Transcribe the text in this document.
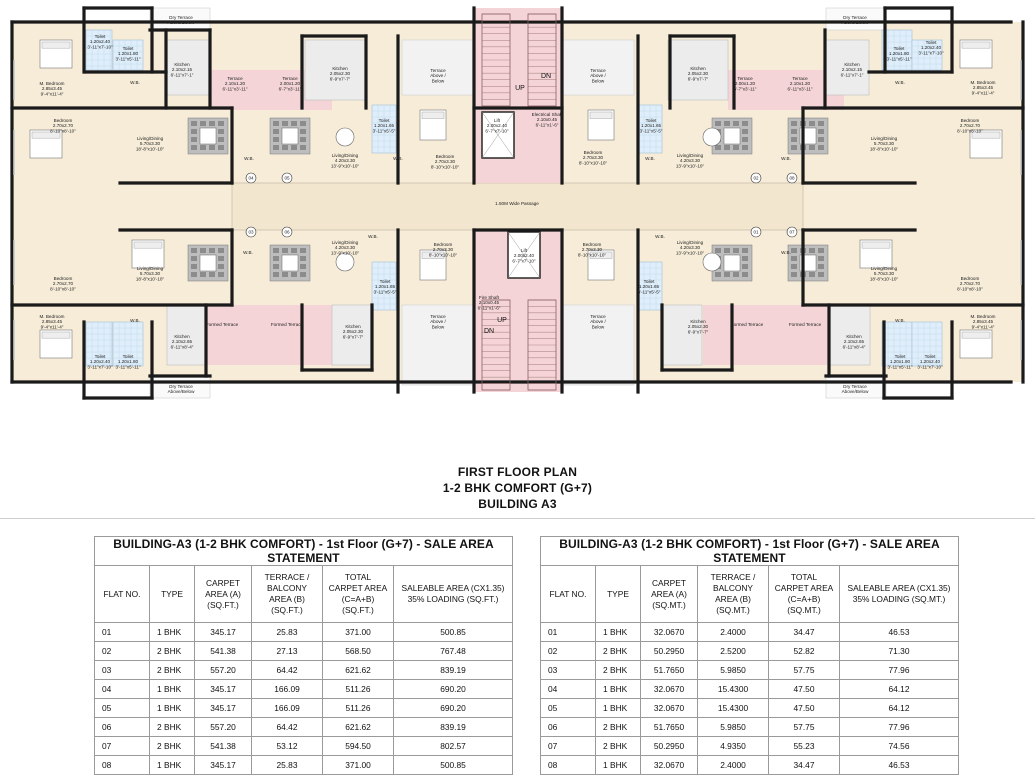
04	05	02	08
03	06	01	07
1.50M Wide Passage
UP
DN
UP
DN
Toilet
1.20x2.40
3'-11"x7'-10" Toilet
1.20x1.80
3'-11"x5'-11"
Dry Terrace
Above/Below
Kitchen
2.10x2.15
6'-11"x7'-1"
Terrace
2.10x1.20
6'-11"x3'-11"
M. Bedroom
2.85x3.45
9'-4"x11'-4"
Bedroom
2.70x2.70
8'-10"x8'-10"
Living/Dining
5.70x3.30
18'-8"x10'-10"
Terrace
2.00x1.20
6'-7"x3'-11"
Kitchen
2.05x2.30
6'-9"x7'-7"
Living/Dining
4.20x3.30
13'-9"x10'-10"
Toilet
1.20x1.65
3'-11"x5'-5"
Bedroom
2.70x3.30
8'-10"x10'-10"
Terrace
Above /
Below
Lift
2.00x2.40
6'-7"x7'-10"
Electrical Shaft
2.10x0.45
6'-11"x1'-6"
Terrace
Above /
Below
Bedroom
2.70x3.30
8'-10"x10'-10"
Toilet
1.20x1.65
3'-11"x5'-5"
Kitchen
2.05x2.30
6'-9"x7'-7"	Terrace
2.00x1.20
6'-7"x3'-11"
Living/Dining
4.20x3.30
13'-9"x10'-10"
Terrace
2.10x1.20
6'-11"x3'-11"
Kitchen
2.10x2.15
6'-11"x7'-1"
Dry Terrace
Above/Below
Toilet
1.20x1.80
3'-11"x5'-11"
Toilet
1.20x2.40
3'-11"x7'-10"
M. Bedroom
2.85x3.45
9'-4"x11'-4"
Living/Dining
5.70x3.30
18'-8"x10'-10"
Bedroom
2.70x2.70
8'-10"x8'-10"
Bedroom
2.70x2.70
8'-10"x8'-10"
Living/Dining
5.70x3.30
18'-8"x10'-10"
M. Bedroom
2.85x3.45
9'-4"x11'-4"
Toilet
1.20x2.40
3'-11"x7'-10"
Toilet
1.20x1.80
3'-11"x5'-11"
Kitchen
2.10x2.65
6'-11"x8'-4"
Dry Terrace
Above/Below
Formed Terrace
Living/Dining
4.20x3.30
13'-9"x10'-10"
Formed Terrace	Kitchen
2.05x2.30
6'-9"x7'-7"
Toilet
1.20x1.65
3'-11"x5'-5"
Bedroom
2.70x3.30
8'-10"x10'-10"
Terrace
Above /
Below
Fire Shaft
2.10x0.45
6'-11"x1'-6"
Lift
2.00x2.40
6'-7"x7'-10"
Terrace
Above /
Below
Bedroom
2.70x3.30
8'-10"x10'-10"
Toilet
1.20x1.65
3'-11"x5'-5"
Kitchen
2.05x2.30
6'-9"x7'-7"
Living/Dining
4.20x3.30
13'-9"x10'-10"
Formed Terrace	Formed Terrace
Living/Dining
5.70x3.30
18'-8"x10'-10"
Kitchen
2.10x2.65
6'-11"x8'-4"
Bedroom
2.70x2.70
8'-10"x8'-10"
M. Bedroom
2.85x3.45
9'-4"x11'-4"
Toilet
1.20x1.80
3'-11"x5'-11"
Toilet
1.20x2.40
3'-11"x7'-10"
Dry Terrace
Above/Below
W.B.
W.B.
W.B.
W.B.	W.B.
W.B.
W.B.
W.B.
W.B.
W.B.	W.B.
W.B.
FIRST FLOOR PLAN
1-2 BHK COMFORT (G+7)
BUILDING A3
BUILDING-A3 (1-2 BHK COMFORT) - 1st Floor (G+7) - SALE AREA STATEMENT					
FLAT NO.	TYPE	CARPET AREA (A) (SQ.FT.)	TERRACE / BALCONY AREA (B) (SQ.FT.)	TOTAL CARPET AREA (C=A+B) (SQ.FT.)	SALEABLE AREA (CX1.35) 35% LOADING (SQ.FT.)
01	1 BHK	345.17	25.83	371.00	500.85
02	2 BHK	541.38	27.13	568.50	767.48
03	2 BHK	557.20	64.42	621.62	839.19
04	1 BHK	345.17	166.09	511.26	690.20
05	1 BHK	345.17	166.09	511.26	690.20
06	2 BHK	557.20	64.42	621.62	839.19
07	2 BHK	541.38	53.12	594.50	802.57
08	1 BHK	345.17	25.83	371.00	500.85
BUILDING-A3 (1-2 BHK COMFORT) - 1st Floor (G+7) - SALE AREA STATEMENT					
FLAT NO.	TYPE	CARPET AREA (A) (SQ.MT.)	TERRACE / BALCONY AREA (B) (SQ.MT.)	TOTAL CARPET AREA (C=A+B) (SQ.MT.)	SALEABLE AREA (CX1.35) 35% LOADING (SQ.MT.)
01	1 BHK	32.0670	2.4000	34.47	46.53
02	2 BHK	50.2950	2.5200	52.82	71.30
03	2 BHK	51.7650	5.9850	57.75	77.96
04	1 BHK	32.0670	15.4300	47.50	64.12
05	1 BHK	32.0670	15.4300	47.50	64.12
06	2 BHK	51.7650	5.9850	57.75	77.96
07	2 BHK	50.2950	4.9350	55.23	74.56
08	1 BHK	32.0670	2.4000	34.47	46.53
